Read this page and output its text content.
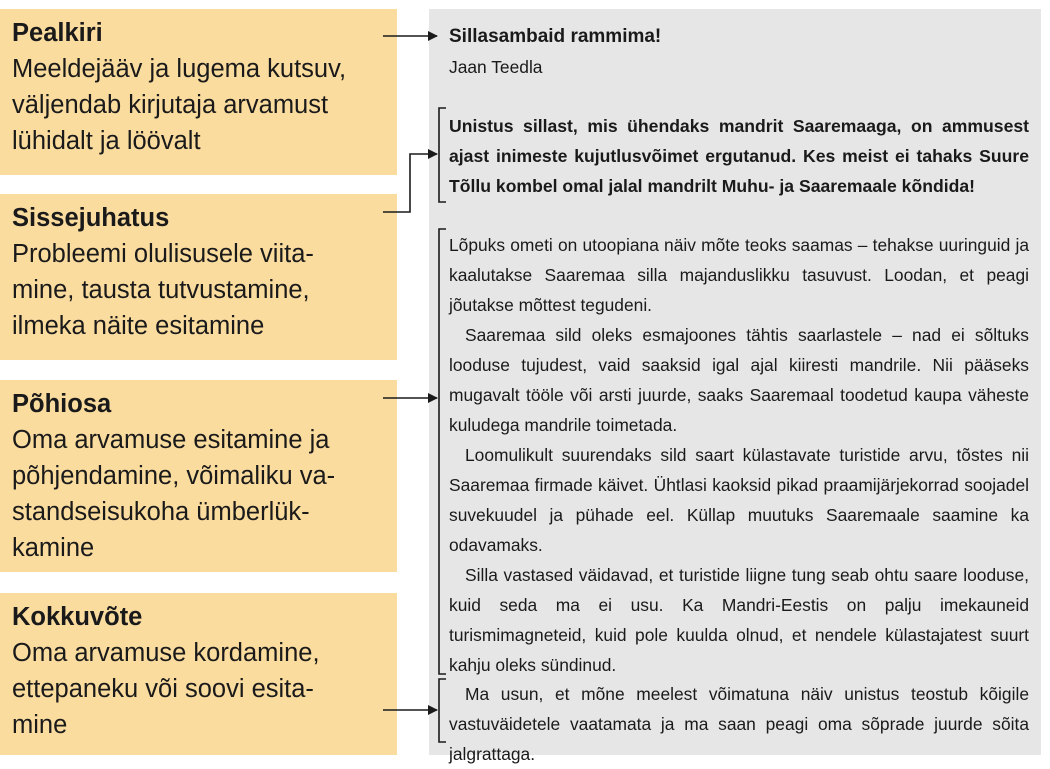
Pealkiri
Meeldejääv ja lugema kutsuv,
väljendab kirjutaja arvamust
lühidalt ja löövalt
Sissejuhatus
Probleemi olulisusele viita-
mine, tausta tutvustamine,
ilmeka näite esitamine
Põhiosa
Oma arvamuse esitamine ja
põhjendamine, võimaliku va-
standseisukoha ümberlük-
kamine
Kokkuvõte
Oma arvamuse kordamine,
ettepaneku või soovi esita-
mine
Sillasambaid rammima!
Jaan Teedla
Unistus sillast, mis ühendaks mandrit Saaremaaga, on ammusest ajast inimeste kujutlusvõimet ergutanud. Kes meist ei tahaks Suure Tõllu kombel omal jalal mandrilt Muhu- ja Saaremaale kõndida!

Lõpuks ometi on utoopiana näiv mõte teoks saamas – tehakse uuringuid ja kaalutakse Saaremaa silla majanduslikku tasuvust. Loodan, et peagi jõutakse mõttest tegudeni.

Saaremaa sild oleks esmajoones tähtis saarlastele – nad ei sõltuks looduse tujudest, vaid saaksid igal ajal kiiresti mandrile. Nii pääseks mugavalt tööle või arsti juurde, saaks Saaremaal toodetud kaupa väheste kuludega mandrile toimetada.

Loomulikult suurendaks sild saart külastavate turistide arvu, tõstes nii Saaremaa firmade käivet. Ühtlasi kaoksid pikad praamijärjekorrad soojadel suvekuudel ja pühade eel. Küllap muutuks Saaremaale saamine ka odavamaks.

Silla vastased väidavad, et turistide liigne tung seab ohtu saare looduse, kuid seda ma ei usu. Ka Mandri-Eestis on palju imekauneid turismimagneteid, kuid pole kuulda olnud, et nendele külastajatest suurt kahju oleks sündinud.

Ma usun, et mõne meelest võimatuna näiv unistus teostub kõigile vastuväidetele vaatamata ja ma saan peagi oma sõprade juurde sõita jalgrattaga.
